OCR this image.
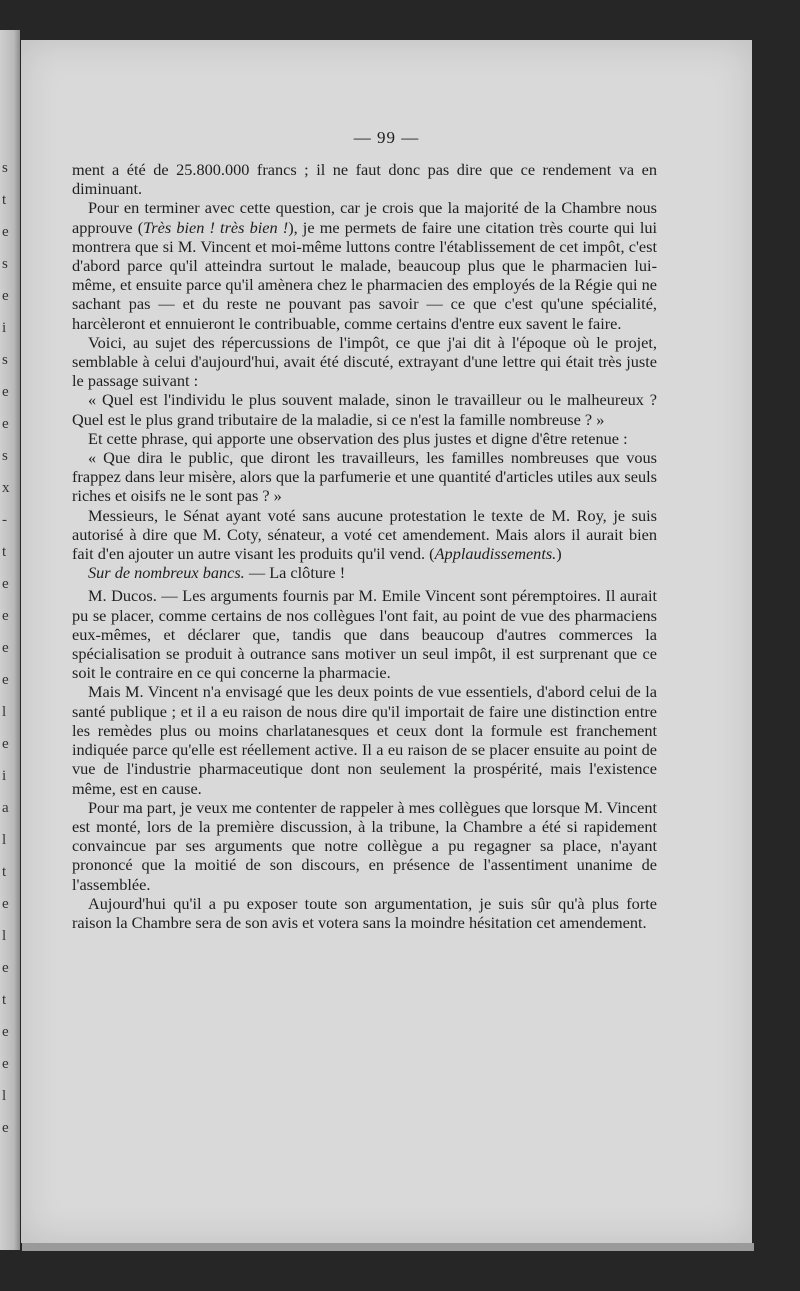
s
t
e
s
e
i
s
e
e
s
x
-
t
e
e
e
e
l
e
i
a
l
t
e
l
e
t
e
e
l
e
— 99 —

ment a été de 25.800.000 francs ; il ne faut donc pas dire que ce rendement va en diminuant.

Pour en terminer avec cette question, car je crois que la majorité de la Chambre nous approuve (Très bien ! très bien !), je me permets de faire une citation très courte qui lui montrera que si M. Vincent et moi-même luttons contre l'établissement de cet impôt, c'est d'abord parce qu'il atteindra surtout le malade, beaucoup plus que le pharmacien lui-même, et ensuite parce qu'il amènera chez le pharmacien des employés de la Régie qui ne sachant pas — et du reste ne pouvant pas savoir — ce que c'est qu'une spécialité, harcèleront et ennuieront le contribuable, comme certains d'entre eux savent le faire.

Voici, au sujet des répercussions de l'impôt, ce que j'ai dit à l'époque où le projet, semblable à celui d'aujourd'hui, avait été discuté, extrayant d'une lettre qui était très juste le passage suivant :

« Quel est l'individu le plus souvent malade, sinon le travailleur ou le malheureux ? Quel est le plus grand tributaire de la maladie, si ce n'est la famille nombreuse ? »

Et cette phrase, qui apporte une observation des plus justes et digne d'être retenue :

« Que dira le public, que diront les travailleurs, les familles nombreuses que vous frappez dans leur misère, alors que la parfumerie et une quantité d'articles utiles aux seuls riches et oisifs ne le sont pas ? »

Messieurs, le Sénat ayant voté sans aucune protestation le texte de M. Roy, je suis autorisé à dire que M. Coty, sénateur, a voté cet amendement. Mais alors il aurait bien fait d'en ajouter un autre visant les produits qu'il vend. (Applaudissements.)

Sur de nombreux bancs. — La clôture !

M. Ducos. — Les arguments fournis par M. Emile Vincent sont péremptoires. Il aurait pu se placer, comme certains de nos collègues l'ont fait, au point de vue des pharmaciens eux-mêmes, et déclarer que, tandis que dans beaucoup d'autres commerces la spécialisation se produit à outrance sans motiver un seul impôt, il est surprenant que ce soit le contraire en ce qui concerne la pharmacie.

Mais M. Vincent n'a envisagé que les deux points de vue essentiels, d'abord celui de la santé publique ; et il a eu raison de nous dire qu'il importait de faire une distinction entre les remèdes plus ou moins charlatanesques et ceux dont la formule est franchement indiquée parce qu'elle est réellement active. Il a eu raison de se placer ensuite au point de vue de l'industrie pharmaceutique dont non seulement la prospérité, mais l'existence même, est en cause.

Pour ma part, je veux me contenter de rappeler à mes collègues que lorsque M. Vincent est monté, lors de la première discussion, à la tribune, la Chambre a été si rapidement convaincue par ses arguments que notre collègue a pu regagner sa place, n'ayant prononcé que la moitié de son discours, en présence de l'assentiment unanime de l'assemblée.

Aujourd'hui qu'il a pu exposer toute son argumentation, je suis sûr qu'à plus forte raison la Chambre sera de son avis et votera sans la moindre hésitation cet amendement.
